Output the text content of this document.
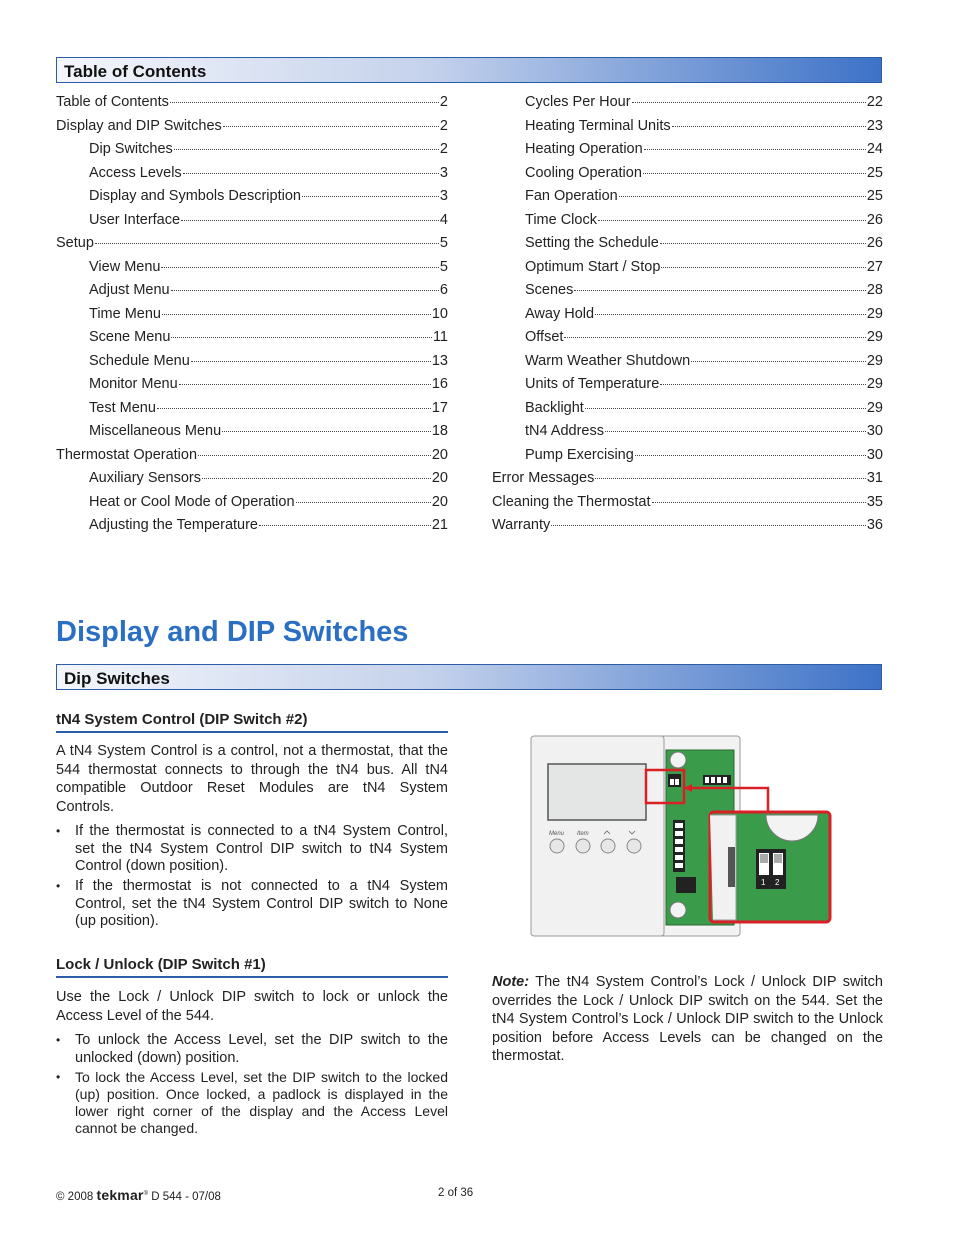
Table of Contents
Table of Contents	2
Display and DIP Switches	2
Dip Switches	2
Access Levels	3
Display and Symbols Description	3
User Interface	4
Setup	5
View Menu	5
Adjust Menu	6
Time Menu	10
Scene Menu	11
Schedule Menu	13
Monitor Menu	16
Test Menu	17
Miscellaneous Menu	18
Thermostat Operation	20
Auxiliary Sensors	20
Heat or Cool Mode of Operation	20
Adjusting the Temperature	21
Cycles Per Hour	22
Heating Terminal Units	23
Heating Operation	24
Cooling Operation	25
Fan Operation	25
Time Clock	26
Setting the Schedule	26
Optimum Start / Stop	27
Scenes	28
Away Hold	29
Offset	29
Warm Weather Shutdown	29
Units of Temperature	29
Backlight	29
tN4 Address	30
Pump Exercising	30
Error Messages	31
Cleaning the Thermostat	35
Warranty	36
Display and DIP Switches
Dip Switches
tN4 System Control (DIP Switch #2)
A tN4 System Control is a control, not a thermostat, that the 544 thermostat connects to through the tN4 bus. All tN4 compatible Outdoor Reset Modules are tN4 System Controls.
• If the thermostat is connected to a tN4 System Control, set the tN4 System Control DIP switch to tN4 System Control (down position).
• If the thermostat is not connected to a tN4 System Control, set the tN4 System Control DIP switch to None (up position).
Lock / Unlock (DIP Switch #1)
Use the Lock / Unlock DIP switch to lock or unlock the Access Level of the 544.
• To unlock the Access Level, set the DIP switch to the unlocked (down) position.
• To lock the Access Level, set the DIP switch to the locked (up) position. Once locked, a padlock is displayed in the lower right corner of the display and the Access Level cannot be changed.
Note: The tN4 System Control’s Lock / Unlock DIP switch overrides the Lock / Unlock DIP switch on the 544. Set the tN4 System Control’s Lock / Unlock DIP switch to the Unlock position before Access Levels can be changed on the thermostat.
Menu Item
1 2
© 2008 tekmar® D 544 - 07/08	2 of 36
